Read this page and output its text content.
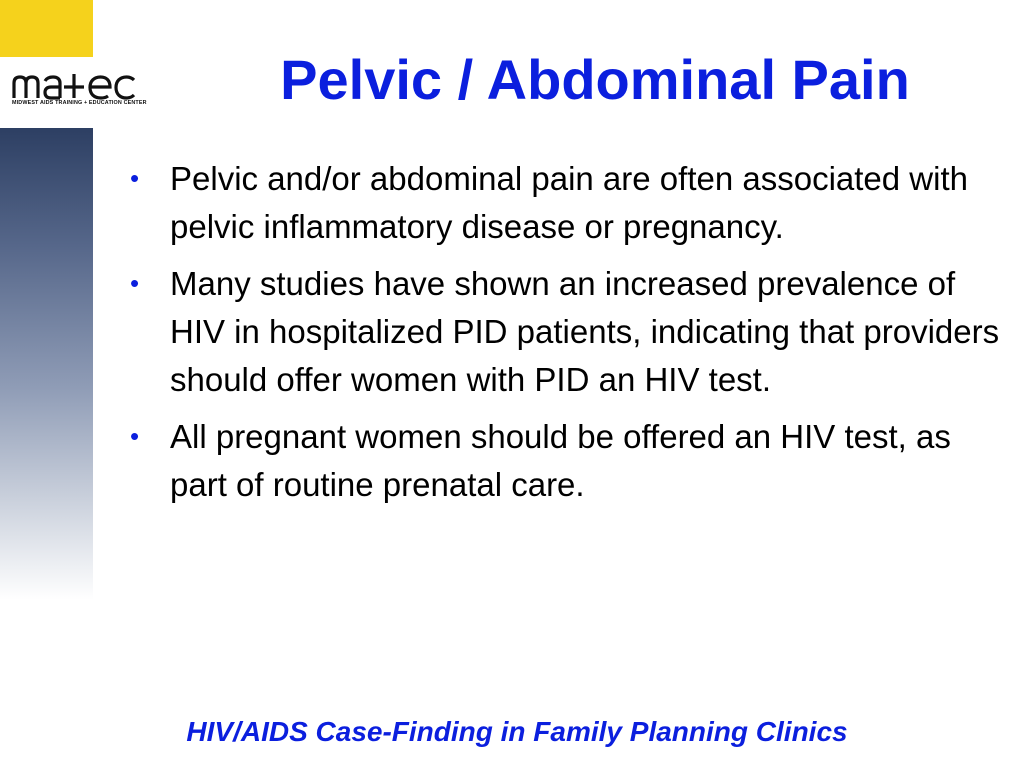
MIDWEST AIDS TRAINING + EDUCATION CENTER	Pelvic / Abdominal Pain
• Pelvic and/or abdominal pain are often associated with pelvic inflammatory disease or pregnancy.
• Many studies have shown an increased prevalence of HIV in hospitalized PID patients, indicating that providers should offer women with PID an HIV test.
• All pregnant women should be offered an HIV test, as part of routine prenatal care.
HIV/AIDS Case-Finding in Family Planning Clinics
